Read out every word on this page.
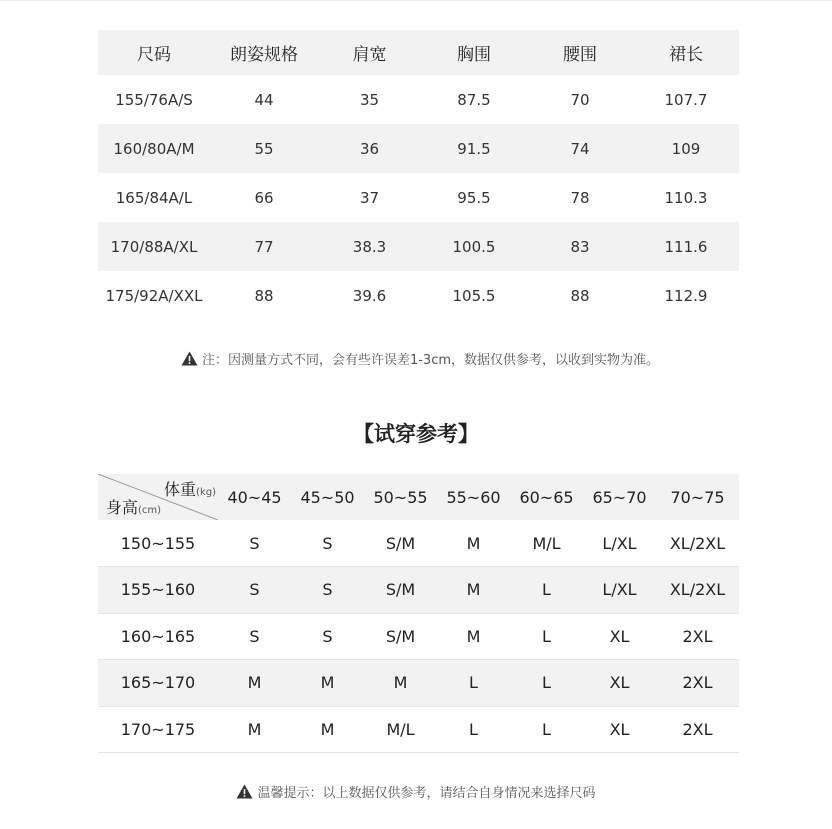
尺码	朗姿规格	肩宽	胸围	腰围	裙长
155/76A/S	44	35	87.5	70	107.7
160/80A/M	55	36	91.5	74	109
165/84A/L	66	37	95.5	78	110.3
170/88A/XL	77	38.3	100.5	83	111.6
175/92A/XXL	88	39.6	105.5	88	112.9
注：因测量方式不同，会有些许误差1-3cm，数据仅供参考，以收到实物为准。
【试穿参考】
体重(kg)
身高(cm)	40~45	45~50	50~55	55~60	60~65	65~70	70~75
150~155	S	S	S/M	M	M/L	L/XL	XL/2XL
155~160	S	S	S/M	M	L	L/XL	XL/2XL
160~165	S	S	S/M	M	L	XL	2XL
165~170	M	M	M	L	L	XL	2XL
170~175	M	M	M/L	L	L	XL	2XL
温馨提示：以上数据仅供参考，请结合自身情况来选择尺码
